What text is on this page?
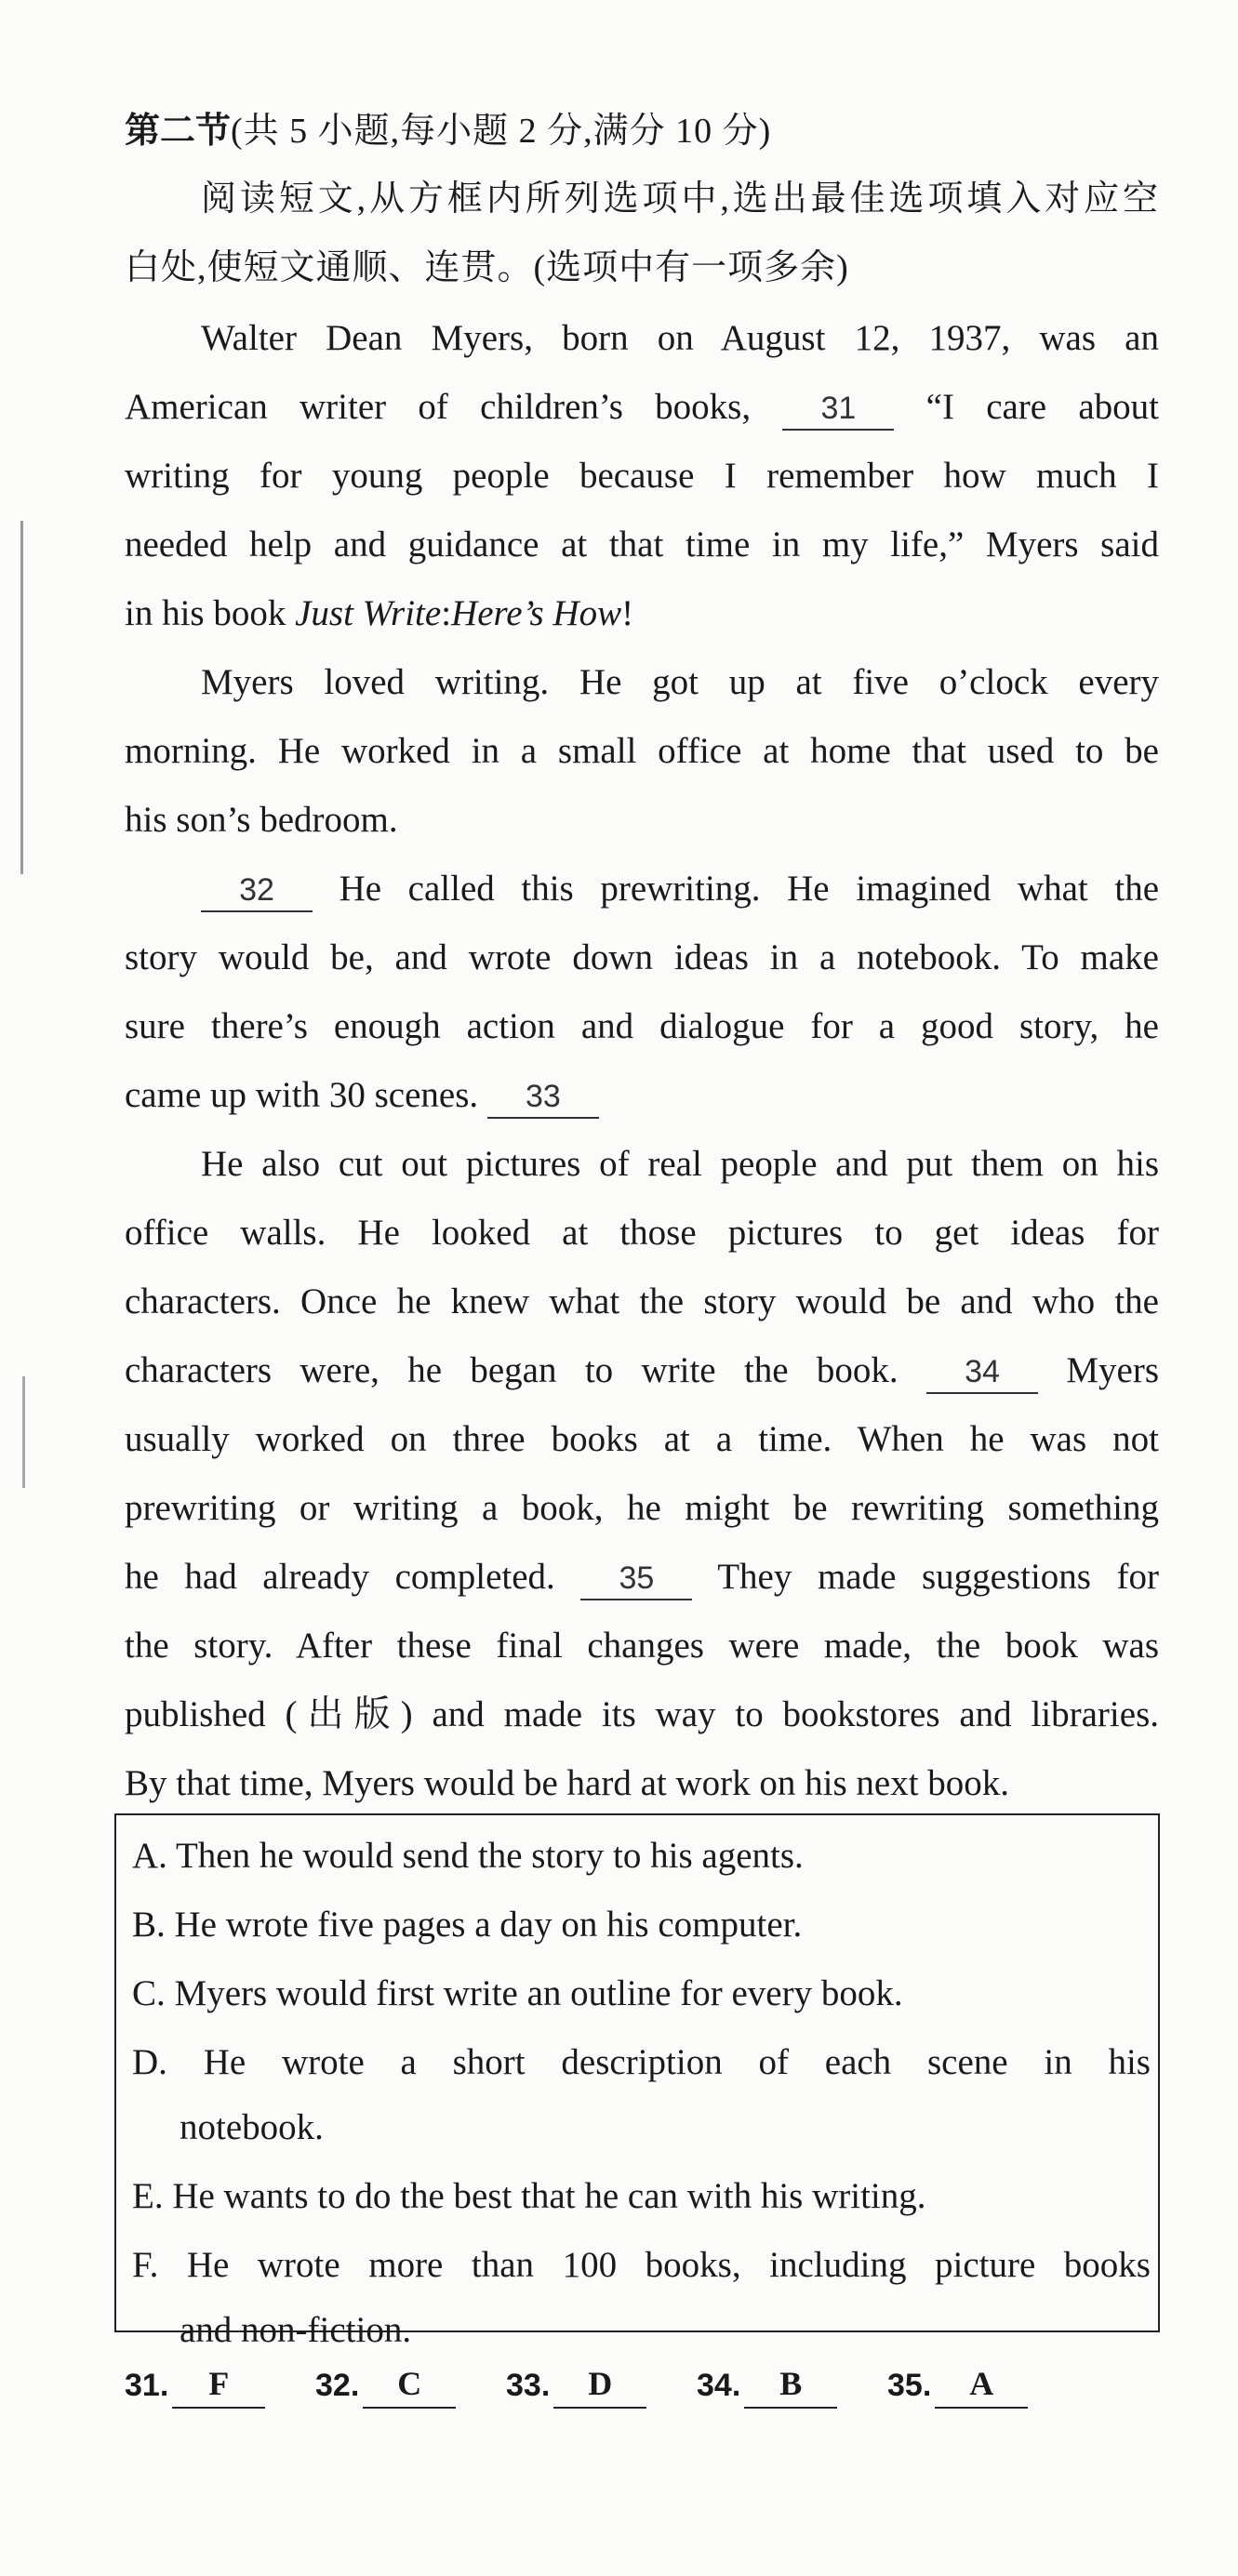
第二节(共 5 小题,每小题 2 分,满分 10 分)
阅读短文,从方框内所列选项中,选出最佳选项填入对应空
白处,使短文通顺、连贯。(选项中有一项多余)
Walter Dean Myers, born on August 12, 1937, was an
American writer of children’s books, 31 “I care about
writing for young people because I remember how much I
needed help and guidance at that time in my life,” Myers said
in his book Just Write:Here’s How!
Myers loved writing. He got up at five o’clock every
morning. He worked in a small office at home that used to be
his son’s bedroom.
32 He called this prewriting. He imagined what the
story would be, and wrote down ideas in a notebook. To make
sure there’s enough action and dialogue for a good story, he
came up with 30 scenes. 33
He also cut out pictures of real people and put them on his
office walls. He looked at those pictures to get ideas for
characters. Once he knew what the story would be and who the
characters were, he began to write the book. 34 Myers
usually worked on three books at a time. When he was not
prewriting or writing a book, he might be rewriting something
he had already completed. 35 They made suggestions for
the story. After these final changes were made, the book was
published (出版) and made its way to bookstores and libraries.
By that time, Myers would be hard at work on his next book.
A. Then he would send the story to his agents.
B. He wrote five pages a day on his computer.
C. Myers would first write an outline for every book.
D. He wrote a short description of each scene in his
notebook.
E. He wants to do the best that he can with his writing.
F. He wrote more than 100 books, including picture books
and non-fiction.
31.	F	32.	C	33.	D	34.	B	35.	A
